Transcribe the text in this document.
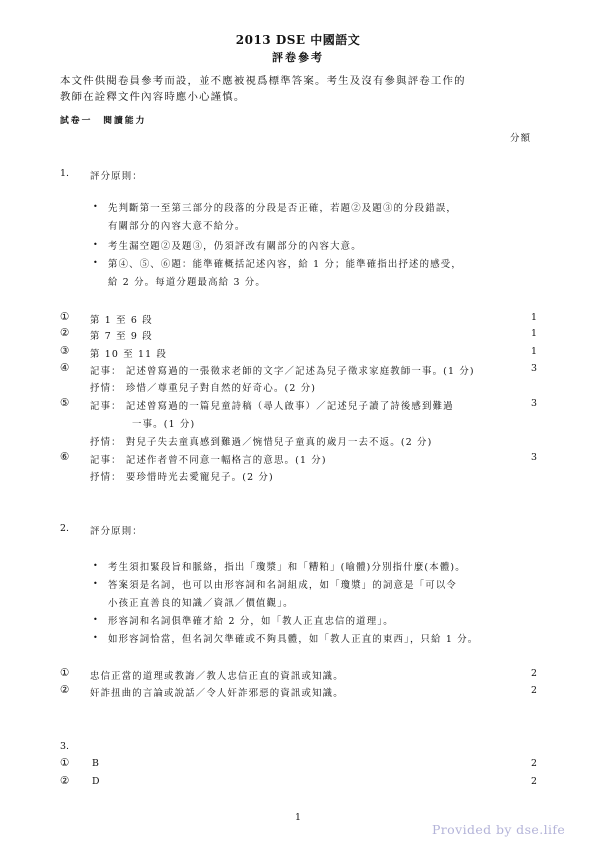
2013 DSE 中國語文
評卷參考
本文件供閱卷員參考而設，並不應被視爲標準答案。考生及沒有參與評卷工作的
教師在詮釋文件內容時應小心謹慎。
試卷一　閱讀能力
分額
1. 評分原則：
• 先判斷第一至第三部分的段落的分段是否正確，若題②及題③的分段錯誤，
有關部分的內容大意不給分。
• 考生漏空題②及題③，仍須評改有關部分的內容大意。
• 第④、⑤、⑥題：能準確概括記述內容，給 1 分；能準確指出抒述的感受，
給 2 分。每道分題最高給 3 分。
① 第 1 至 6 段	1
② 第 7 至 9 段	1
③ 第 10 至 11 段	1
④ 記事： 記述曾寫過的一張徵求老師的文字／記述為兒子徵求家庭教師一事。(1 分)	3
抒情： 珍惜／尊重兒子對自然的好奇心。(2 分)
⑤ 記事： 記述曾寫過的一篇兒童詩稿（尋人啟事）／記述兒子讀了詩後感到難過	3
一事。(1 分)
抒情： 對兒子失去童真感到難過／惋惜兒子童真的歲月一去不返。(2 分)
⑥ 記事： 記述作者曾不同意一幅格言的意思。(1 分)	3
抒情： 要珍惜時光去愛寵兒子。(2 分)
2. 評分原則：
• 考生須扣緊段旨和脈絡，指出「瓊漿」和「糟粕」(喻體)分別指什麼(本體)。
• 答案須是名詞，也可以由形容詞和名詞組成，如「瓊漿」的詞意是「可以令
小孩正直善良的知識／資訊／價值觀」。
• 形容詞和名詞俱準確才給 2 分，如「教人正直忠信的道理」。
• 如形容詞恰當，但名詞欠準確或不夠具體，如「教人正直的東西」，只給 1 分。
① 忠信正當的道理或教誨／教人忠信正直的資訊或知識。	2
② 奸詐扭曲的言論或說話／令人奸詐邪惡的資訊或知識。	2
3.
① B	2
② D	2
1
Provided by dse.life
